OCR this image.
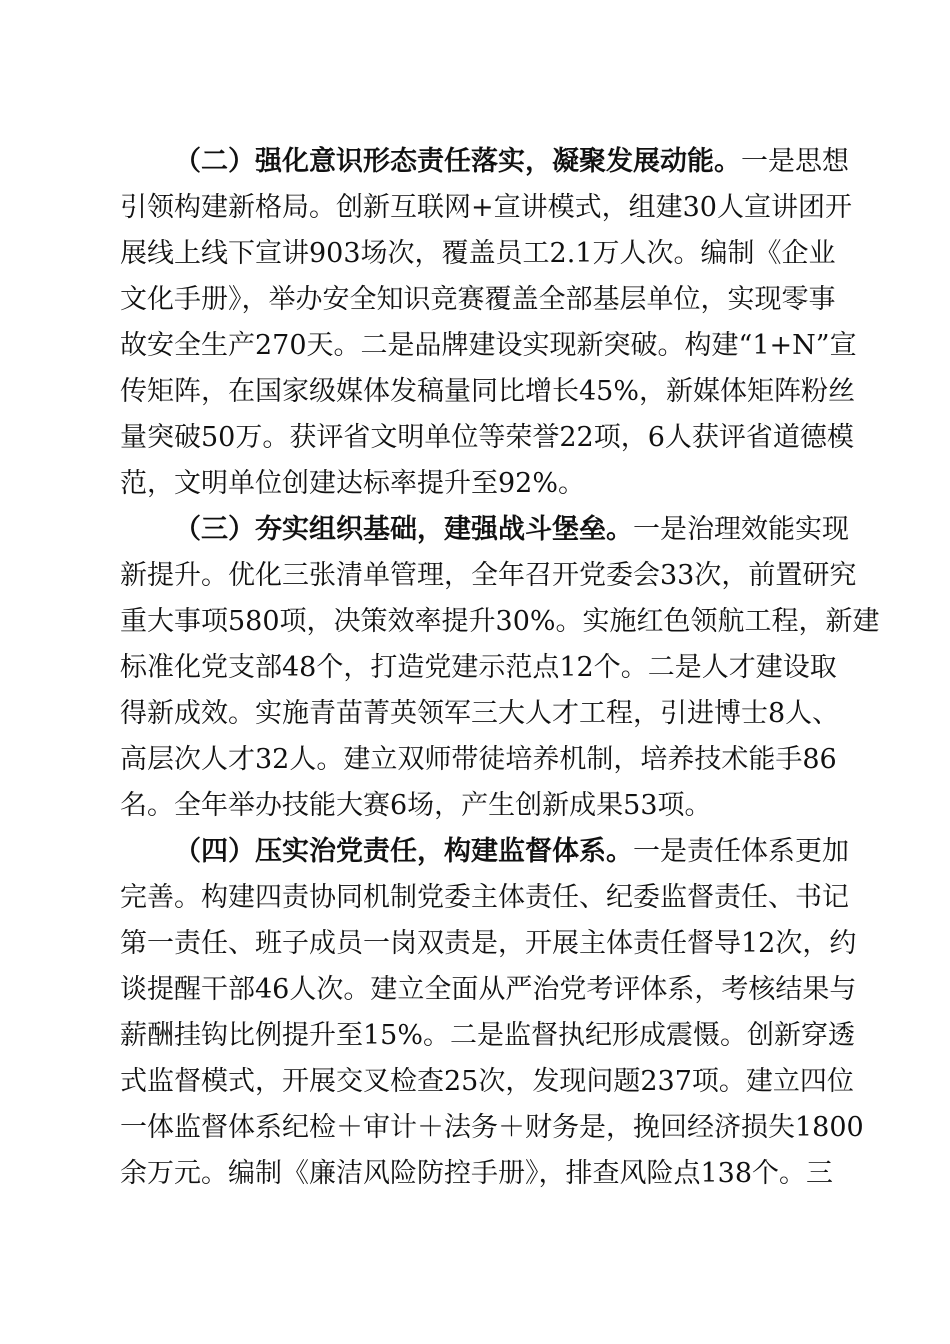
（二）强化意识形态责任落实，凝聚发展动能。一是思想
引领构建新格局。创新互联网+宣讲模式，组建30人宣讲团开
展线上线下宣讲903场次，覆盖员工2.1万人次。编制《企业
文化手册》，举办安全知识竞赛覆盖全部基层单位，实现零事
故安全生产270天。二是品牌建设实现新突破。构建“1+N”宣
传矩阵，在国家级媒体发稿量同比增长45%，新媒体矩阵粉丝
量突破50万。获评省文明单位等荣誉22项，6人获评省道德模
范，文明单位创建达标率提升至92%。
（三）夯实组织基础，建强战斗堡垒。一是治理效能实现
新提升。优化三张清单管理，全年召开党委会33次，前置研究
重大事项580项，决策效率提升30%。实施红色领航工程，新建
标准化党支部48个，打造党建示范点12个。二是人才建设取
得新成效。实施青苗菁英领军三大人才工程，引进博士8人、
高层次人才32人。建立双师带徒培养机制，培养技术能手86
名。全年举办技能大赛6场，产生创新成果53项。
（四）压实治党责任，构建监督体系。一是责任体系更加
完善。构建四责协同机制党委主体责任、纪委监督责任、书记
第一责任、班子成员一岗双责是，开展主体责任督导12次，约
谈提醒干部46人次。建立全面从严治党考评体系，考核结果与
薪酬挂钩比例提升至15%。二是监督执纪形成震慑。创新穿透
式监督模式，开展交叉检查25次，发现问题237项。建立四位
一体监督体系纪检＋审计＋法务＋财务是，挽回经济损失1800
余万元。编制《廉洁风险防控手册》，排查风险点138个。三
